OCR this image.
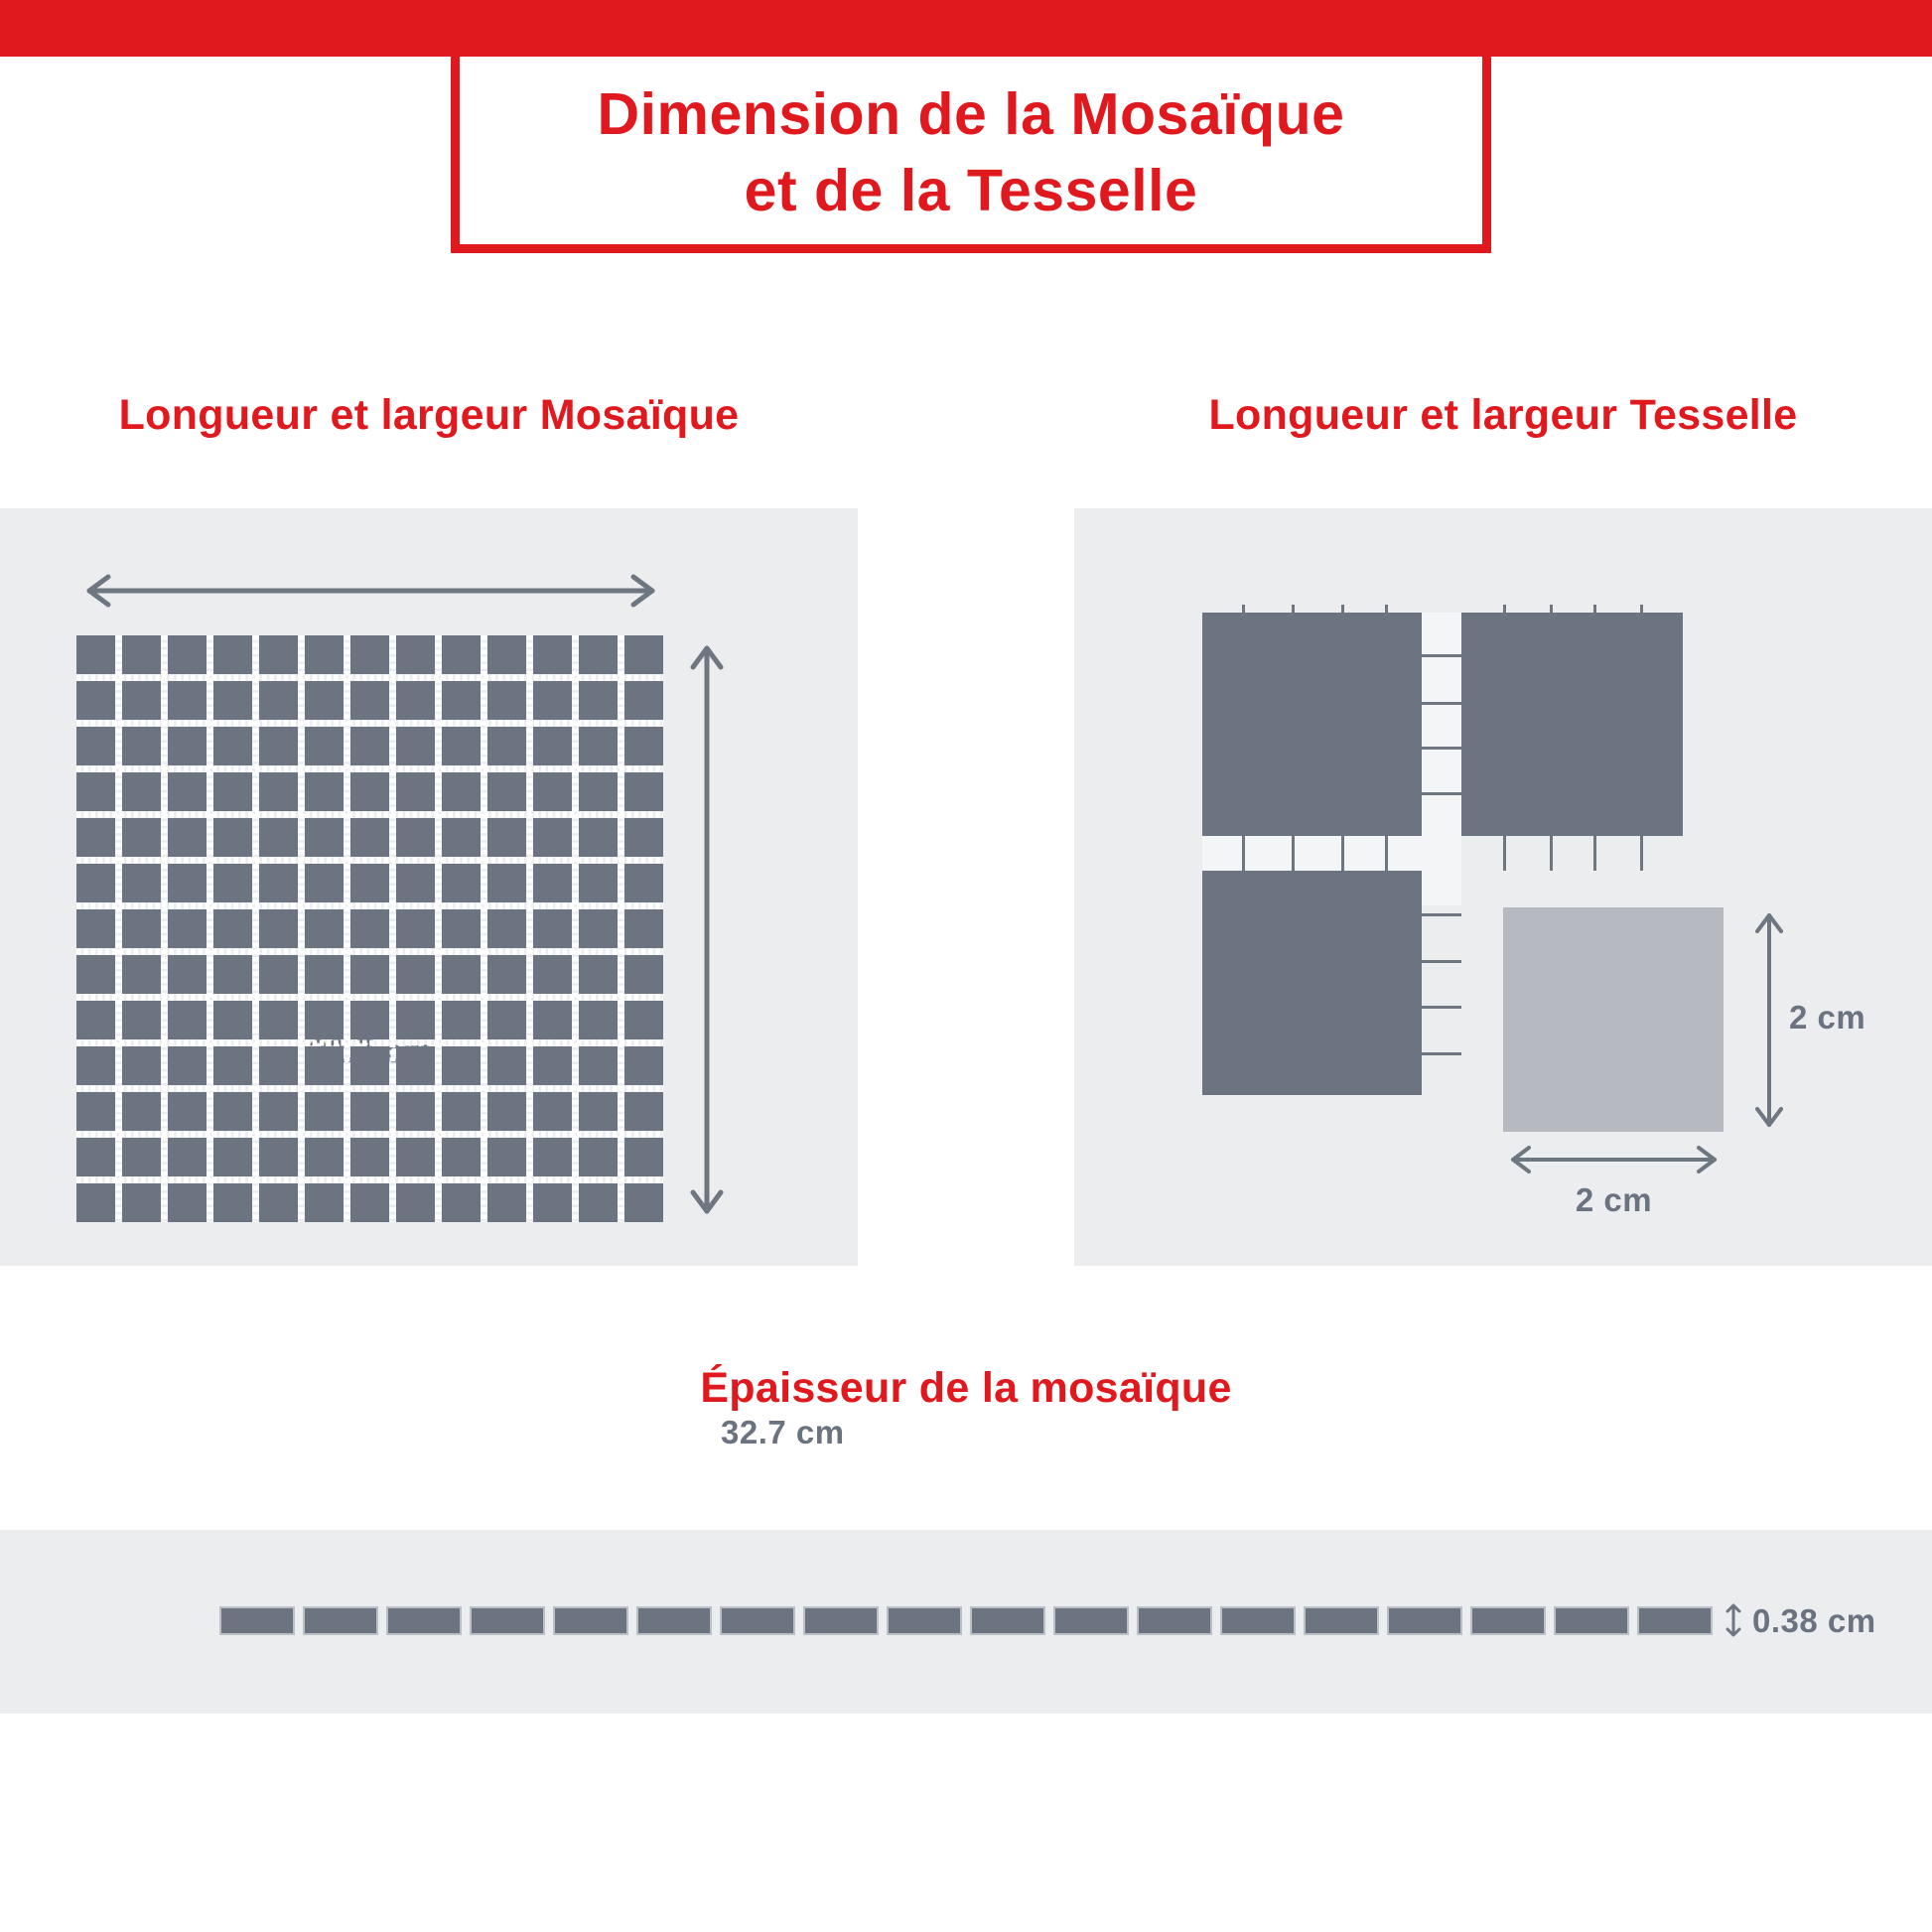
Dimension de la Mosaïque
et de la Tesselle
Longueur et largeur Mosaïque	Longueur et largeur Tesselle
32.7 cm
2 cm
2 cm
Épaisseur de la mosaïque
0.38 cm
